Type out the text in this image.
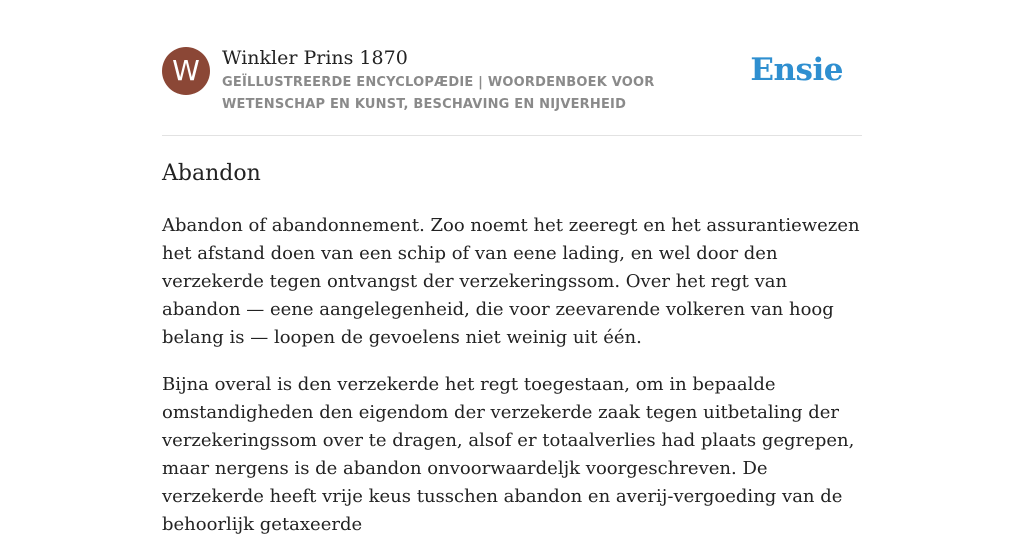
W	Winkler Prins 1870
GEÏLLUSTREERDE ENCYCLOPÆDIE | WOORDENBOEK VOOR WETENSCHAP EN KUNST, BESCHAVING EN NIJVERHEID
Ensie
Abandon

Abandon of abandonnement. Zoo noemt het zeeregt en het assurantiewezen het afstand doen van een schip of van eene lading, en wel door den verzekerde tegen ontvangst der verzekeringssom. Over het regt van abandon — eene aangelegenheid, die voor zeevarende volkeren van hoog belang is — loopen de gevoelens niet weinig uit één.

Bijna overal is den verzekerde het regt toegestaan, om in bepaalde omstandigheden den eigendom der verzekerde zaak tegen uitbetaling der verzekeringssom over te dragen, alsof er totaalverlies had plaats gegrepen, maar nergens is de abandon onvoorwaardeljk voorgeschreven. De verzekerde heeft vrije keus tusschen abandon en averij-vergoeding van de behoorlijk getaxeerde
